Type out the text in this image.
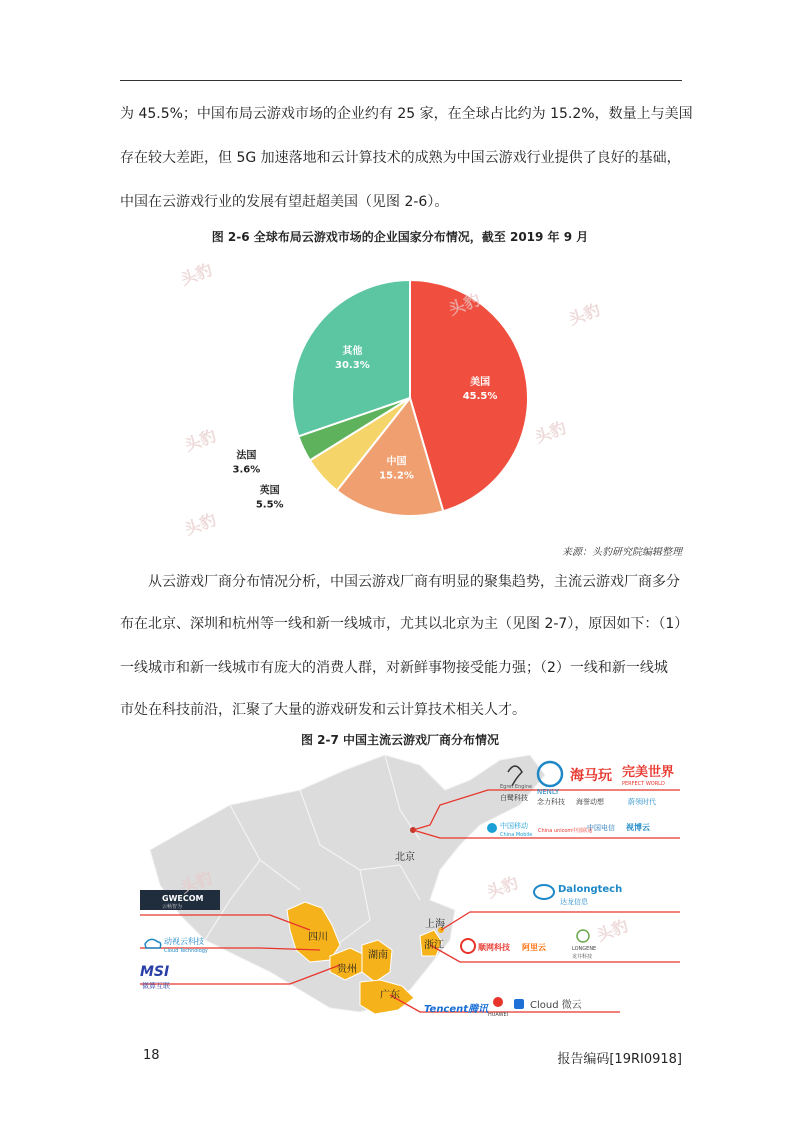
为 45.5%；中国布局云游戏市场的企业约有 25 家，在全球占比约为 15.2%，数量上与美国
存在较大差距，但 5G 加速落地和云计算技术的成熟为中国云游戏行业提供了良好的基础，
中国在云游戏行业的发展有望赶超美国（见图 2-6）。
图 2-6 全球布局云游戏市场的企业国家分布情况，截至 2019 年 9 月
美国
45.5%
中国
15.2%
英国
5.5%
法国
3.6%
其他
30.3%
来源：头豹研究院编辑整理
从云游戏厂商分布情况分析，中国云游戏厂商有明显的聚集趋势，主流云游戏厂商多分
布在北京、深圳和杭州等一线和新一线城市，尤其以北京为主（见图 2-7），原因如下：（1）
一线城市和新一线城市有庞大的消费人群，对新鲜事物接受能力强；（2）一线和新一线城
市处在科技前沿，汇聚了大量的游戏研发和云计算技术相关人才。
图 2-7 中国主流云游戏厂商分布情况
北京
上海
浙江
四川
贵州
湖南
广东
Egret Engine
白鹭科技
NENLY
念力科技
海马玩
海誉动想
完美世界
PERFECT WORLD
蔚领时代
中国移动
China Mobile
China unicom中国联通
中国电信 视博云
Dalongtech
达龙信息
顺网科技 阿里云	LONGENE
龙井科技
GWECOM
云畅智为
动视云科技
Cloud Technology
MSI
微算互联
Tencent腾讯 HUAWEI
Cloud 微云
头豹
头豹	头豹
头豹	头豹
头豹
头豹	头豹
头豹
18	报告编码[19RI0918]
